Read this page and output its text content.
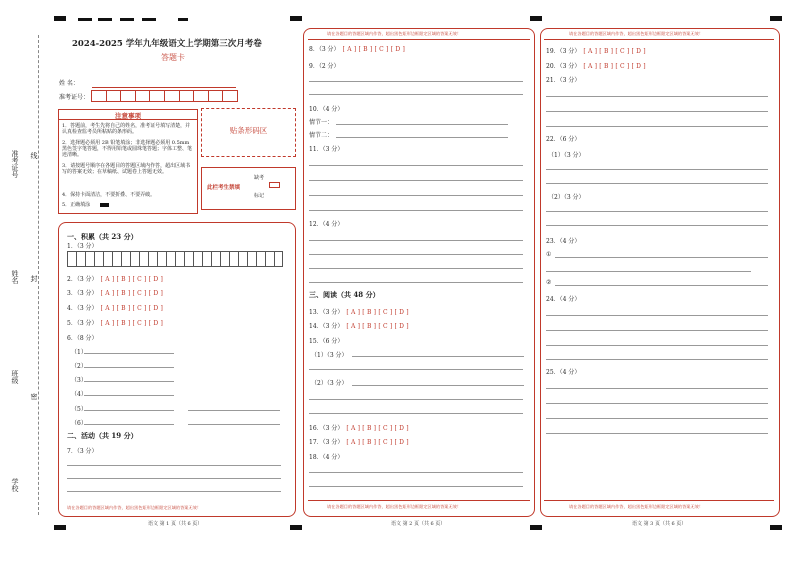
准考证号 线
姓名 封
班级
密
学校
2024-2025 学年九年级语文上学期第三次月考卷
答题卡
姓 名：
准考证号：
注意事项
1．答题前，考生先将自己的姓名，准考证号填写清楚，并认真检查监考员所粘贴的条形码。
2．选择题必须用 2B 铅笔填涂；非选择题必须用 0.5mm 黑色签字笔答题，不得用铅笔或圆珠笔答题；字体工整、笔迹清晰。
3．请按题号顺序在各题目的答题区域内作答，超出区域书写的答案无效；在草稿纸、试题卷上答题无效。
4．保持卡面清洁，不要折叠、不要弄破。
5．正确填涂
贴条形码区
此栏考生禁填
缺考
标记
一、积累（共 23 分）
1．（3 分）
2．（3 分） [ A ] [ B ] [ C ] [ D ]
3．（3 分） [ A ] [ B ] [ C ] [ D ]
4．（3 分） [ A ] [ B ] [ C ] [ D ]
5．（3 分） [ A ] [ B ] [ C ] [ D ]
6．（8 分）
（1）
（2）
（3）
（4）
（5）
（6）
二、活动（共 19 分）
7．（3 分）
请在各题目的答题区域内作答，超出黑色矩形边框限定区域的答案无效！
语文 第 1 页（共 6 页）
请在各题目的答题区域内作答，超出黑色矩形边框限定区域的答案无效！
8．（3 分） [ A ] [ B ] [ C ] [ D ]
9．（2 分）
10．（4 分）
情节一：
情节二：
11．（3 分）
12．（4 分）
三、阅读（共 48 分）
13．（3 分） [ A ] [ B ] [ C ] [ D ]
14．（3 分） [ A ] [ B ] [ C ] [ D ]
15．（6 分）
（1）（3 分）
（2）（3 分）
16．（3 分） [ A ] [ B ] [ C ] [ D ]
17．（3 分） [ A ] [ B ] [ C ] [ D ]
18．（4 分）
请在各题目的答题区域内作答，超出黑色矩形边框限定区域的答案无效！
语文 第 2 页（共 6 页）
请在各题目的答题区域内作答，超出黑色矩形边框限定区域的答案无效！
19．（3 分） [ A ] [ B ] [ C ] [ D ]
20．（3 分） [ A ] [ B ] [ C ] [ D ]
21．（3 分）
22．（6 分）
（1）（3 分）
（2）（3 分）
23．（4 分）
①
②
24．（4 分）
25．（4 分）
请在各题目的答题区域内作答，超出黑色矩形边框限定区域的答案无效！
语文 第 3 页（共 6 页）
